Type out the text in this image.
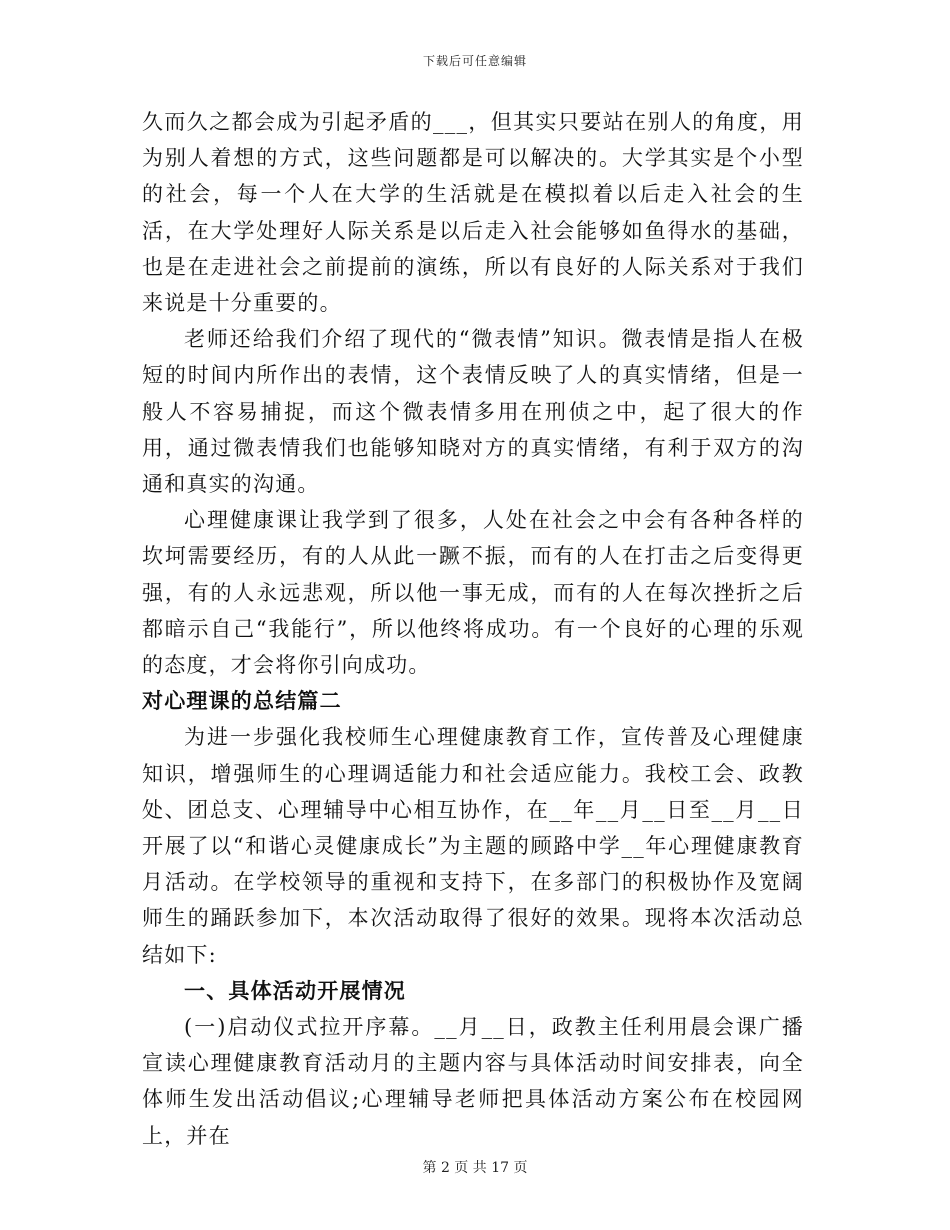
下载后可任意编辑

久而久之都会成为引起矛盾的___，但其实只要站在别人的角度，用为别人着想的方式，这些问题都是可以解决的。大学其实是个小型的社会，每一个人在大学的生活就是在模拟着以后走入社会的生活，在大学处理好人际关系是以后走入社会能够如鱼得水的基础，也是在走进社会之前提前的演练，所以有良好的人际关系对于我们来说是十分重要的。

老师还给我们介绍了现代的“微表情”知识。微表情是指人在极短的时间内所作出的表情，这个表情反映了人的真实情绪，但是一般人不容易捕捉，而这个微表情多用在刑侦之中，起了很大的作用，通过微表情我们也能够知晓对方的真实情绪，有利于双方的沟通和真实的沟通。

心理健康课让我学到了很多，人处在社会之中会有各种各样的坎坷需要经历，有的人从此一蹶不振，而有的人在打击之后变得更强，有的人永远悲观，所以他一事无成，而有的人在每次挫折之后都暗示自己“我能行”，所以他终将成功。有一个良好的心理的乐观的态度，才会将你引向成功。

对心理课的总结篇二

为进一步强化我校师生心理健康教育工作，宣传普及心理健康知识，增强师生的心理调适能力和社会适应能力。我校工会、政教处、团总支、心理辅导中心相互协作，在__年__月__日至__月__日开展了以“和谐心灵健康成长”为主题的顾路中学__年心理健康教育月活动。在学校领导的重视和支持下，在多部门的积极协作及宽阔师生的踊跃参加下，本次活动取得了很好的效果。现将本次活动总结如下:

一、具体活动开展情况

(一)启动仪式拉开序幕。__月__日，政教主任利用晨会课广播宣读心理健康教育活动月的主题内容与具体活动时间安排表，向全体师生发出活动倡议;心理辅导老师把具体活动方案公布在校园网上，并在

第 2 页 共 17 页
